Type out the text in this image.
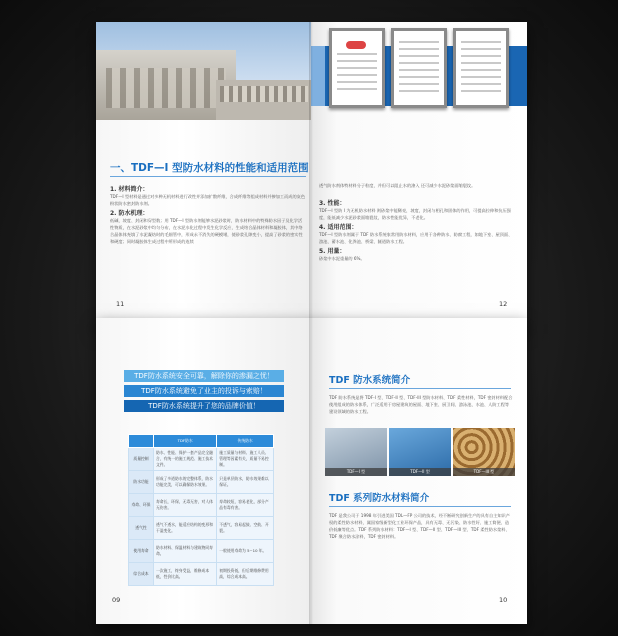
一、TDF—I 型防水材料的性能和适用范围
1. 材料简介：
TDF—I 型材料是通过对多种无机材料进行改性并添加扩散纤维，合成纤维等组成材料并掺加工而成的灰色粉状防水密封防水剂。
2. 防水机理：
低碱、坡度、封闭和穿型数；用 TDF—I 型防水剂能够水泥砂浆时，防水材料中的特殊防水因子及化学活性物质，在水泥砂浆中均匀分布，在水泥水化过程中发生化学反应，生成络合晶体材料和凝胶体，其中络合晶体体充填了水泥凝结时的毛细管中，形成永不消失的硬模堵，使砂浆孔隙变小，提高了砂浆的密实性和硬度；同时凝胶体生成过程中所形成的连续
11
透气防水剂体特材料分子粒度，并但可以阻止水的渗入 还可减少水泥砂浆面缩裂纹。
3. 性能：
TDF—I 型防 I 为无机防水材料 则砂浆中能稀亮，坡度，封闭与相孔和固体的作用，可提高拉伸和抗压强度，能低减少水泥砂浆面缩裂纹，防水性能优异，不老化。
4. 适用范围：
TDF—I 型防水剂属于 TDF 防水系统家常用防水材料，应用于各种防水、防腐工程，如地下室、屋顶面、游池、蓄水池、化粪池、桥梁、隧道防水工程。
5. 用量：
砂浆中水泥重量的 6%。
12
TDF防水系统安全可靠，解除你的渗漏之忧！
TDF防水系统避免了业主的投诉与索赔！
TDF防水系统提升了您的品牌价值！
	TDF防水	传统防水
质量控制	防水、性能、保护一套产品完全融合，有统一的施工规范、施工技术文件。	施工质量与材料、施工人员、管理等因素有关，质量不易控制。
防水功能	形成了多道防水的完整体系，防水功能完美，可以确保防水效果。	只是单层防水，防水效果难以保证。
寿命、环保	寿命长，环保，无毒无害，对人体无伤害。	寿命较短，容易老化，部分产品有毒有害。
透气性	透气不透水，能适应结构的变形和干湿变化。	不透气，容易起鼓、空鼓、开裂。
使用寿命	防水材料、保温材料与建筑物同寿命。	一般使用寿命为 5~10 年。
综合成本	一次施工，终身受益，维修成本低，性价比高。	初期投资低，但后期维修费用高，综合成本高。
09
TDF 防水系统简介
TDF 防水系统是将 TDF-I 型、TDF-II 型、TDF-III 型防水材料、TDF 柔性材料，TDF 密封材料配合使用组成的防水体系，广泛适用于房屋建筑的屋面、地下室、厨卫间、游泳池、水池、人防工程等建设领域的防水工程。
TDF—I 型	TDF—II 型	TDF—III 型
TDF 系列防水材料简介
TDF 是我公司于 1998 年引进美国 TDL—FP 公司的技术，经不断研究创新生产的具有自主知识产权的柔性防水材料，属国家级新型化工业环保产品，具有无毒、无污染、防水性好、施工简便、造价低廉等优点。TDF 系列防水材料：TDF—I 型、TDF—II 型、TDF—III 型、TDF 柔性防水浆料、TDF 聚合防水涂料，TDF 密封材料。
10
